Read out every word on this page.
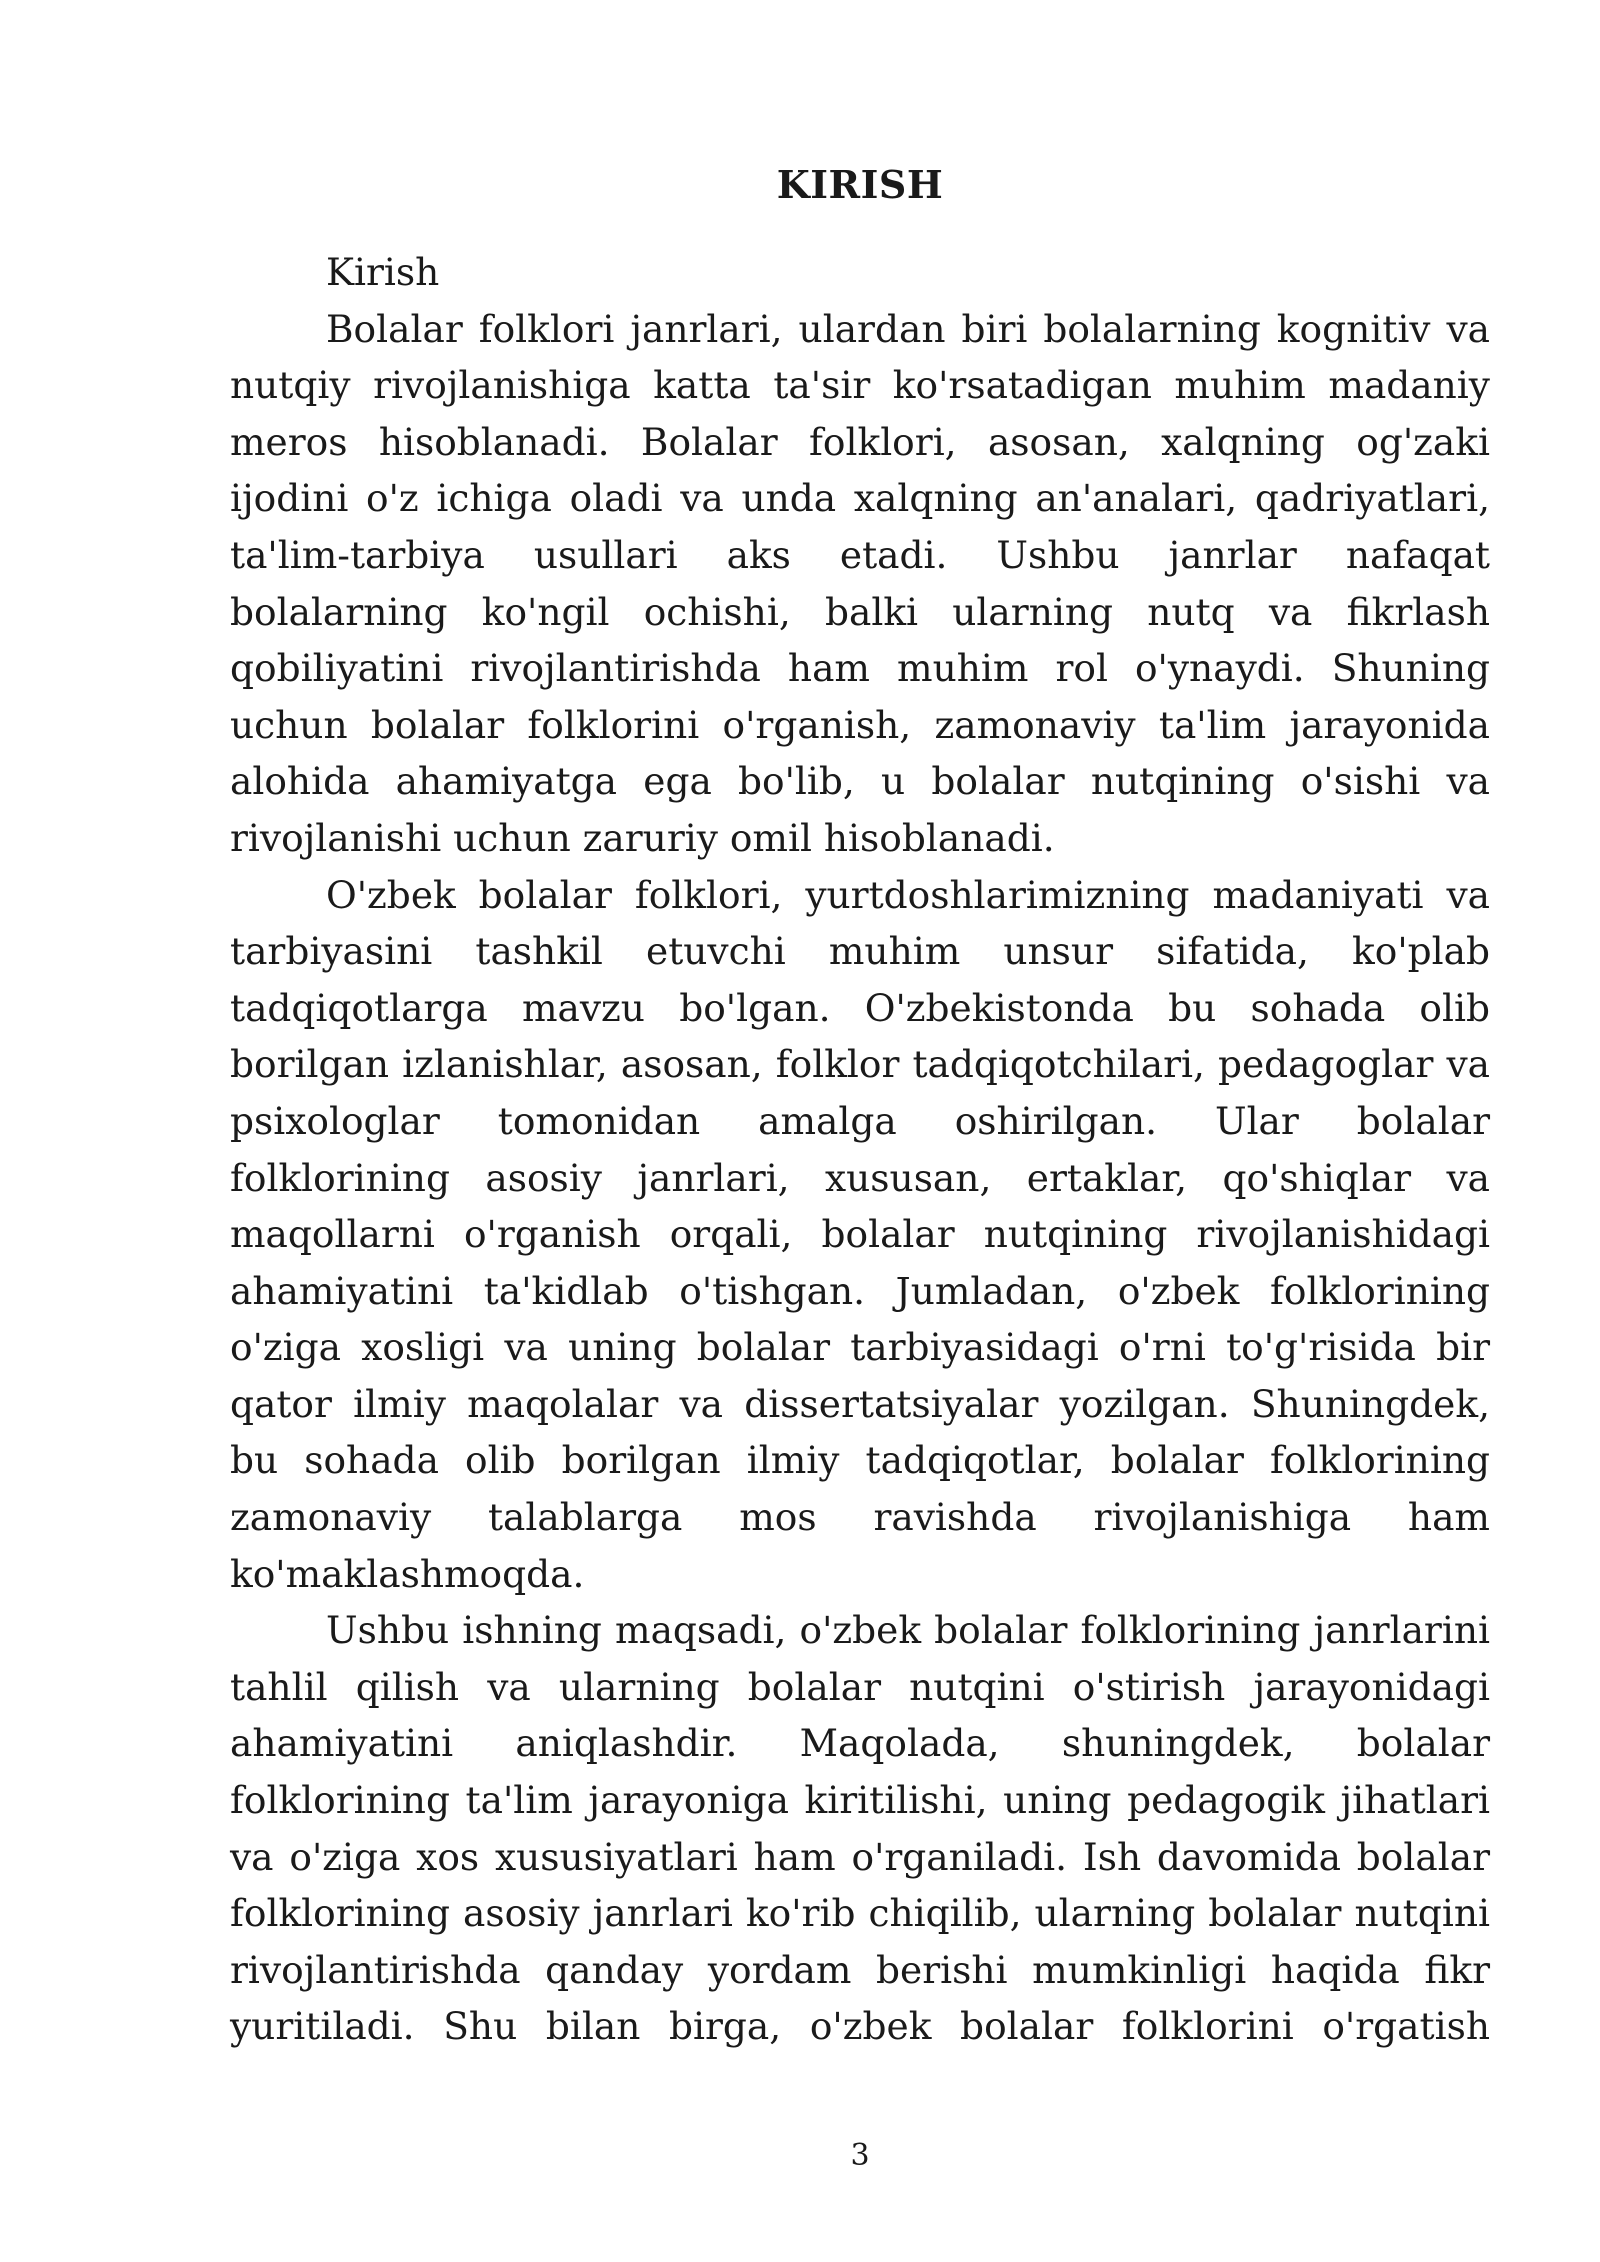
KIRISH

Kirish

Bolalar folklori janrlari, ulardan biri bolalarning kognitiv va nutqiy rivojlanishiga katta ta'sir ko'rsatadigan muhim madaniy meros hisoblanadi. Bolalar folklori, asosan, xalqning og'zaki ijodini o'z ichiga oladi va unda xalqning an'analari, qadriyatlari, ta'lim-tarbiya usullari aks etadi. Ushbu janrlar nafaqat bolalarning ko'ngil ochishi, balki ularning nutq va fikrlash qobiliyatini rivojlantirishda ham muhim rol o'ynaydi. Shuning uchun bolalar folklorini o'rganish, zamonaviy ta'lim jarayonida alohida ahamiyatga ega bo'lib, u bolalar nutqining o'sishi va rivojlanishi uchun zaruriy omil hisoblanadi.

O'zbek bolalar folklori, yurtdoshlarimizning madaniyati va tarbiyasini tashkil etuvchi muhim unsur sifatida, ko'plab tadqiqotlarga mavzu bo'lgan. O'zbekistonda bu sohada olib borilgan izlanishlar, asosan, folklor tadqiqotchilari, pedagoglar va psixologlar tomonidan amalga oshirilgan. Ular bolalar folklorining asosiy janrlari, xususan, ertaklar, qo'shiqlar va maqollarni o'rganish orqali, bolalar nutqining rivojlanishidagi ahamiyatini ta'kidlab o'tishgan. Jumladan, o'zbek folklorining o'ziga xosligi va uning bolalar tarbiyasidagi o'rni to'g'risida bir qator ilmiy maqolalar va dissertatsiyalar yozilgan. Shuningdek, bu sohada olib borilgan ilmiy tadqiqotlar, bolalar folklorining zamonaviy talablarga mos ravishda rivojlanishiga ham ko'maklashmoqda.

Ushbu ishning maqsadi, o'zbek bolalar folklorining janrlarini tahlil qilish va ularning bolalar nutqini o'stirish jarayonidagi ahamiyatini aniqlashdir. Maqolada, shuningdek, bolalar folklorining ta'lim jarayoniga kiritilishi, uning pedagogik jihatlari va o'ziga xos xususiyatlari ham o'rganiladi. Ish davomida bolalar folklorining asosiy janrlari ko'rib chiqilib, ularning bolalar nutqini rivojlantirishda qanday yordam berishi mumkinligi haqida fikr yuritiladi. Shu bilan birga, o'zbek bolalar folklorini o'rgatish

3
